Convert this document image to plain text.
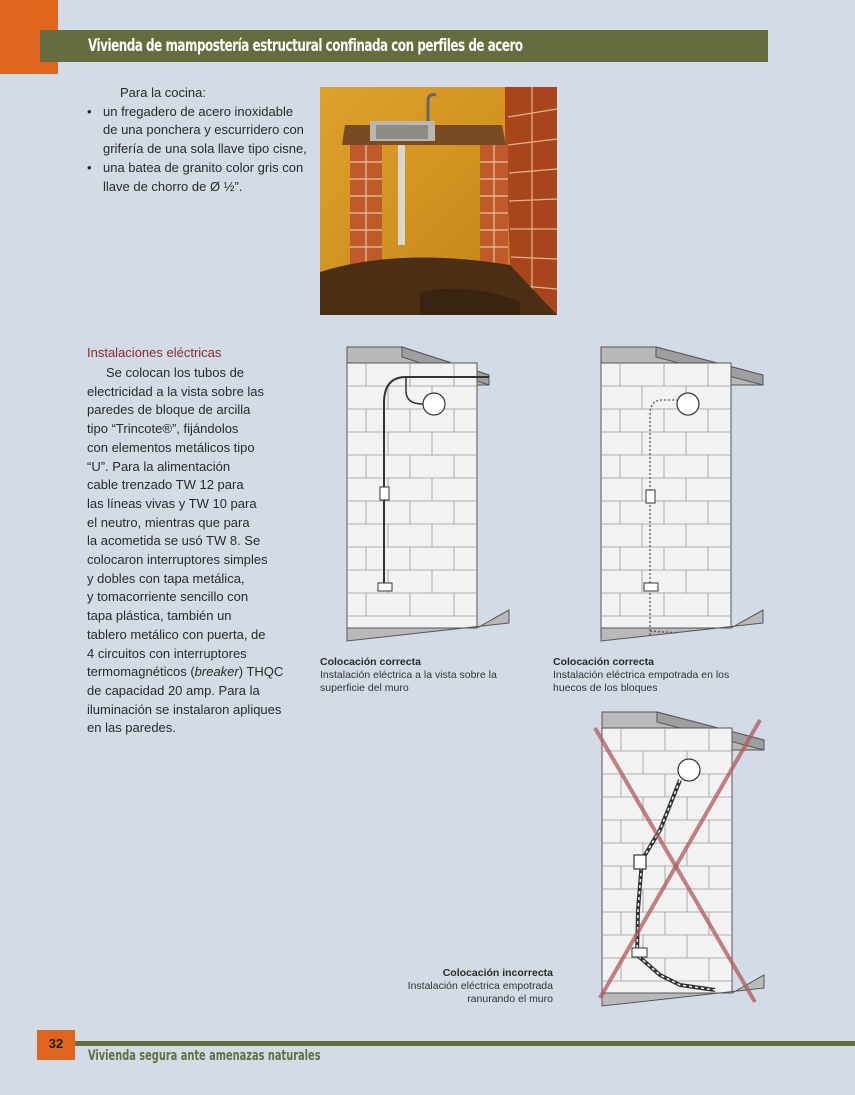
Vivienda de mampostería estructural confinada con perfiles de acero
Para la cocina:
• un fregadero de acero inoxidable de una ponchera y escurridero con grifería de una sola llave tipo cisne,
• una batea de granito color gris con llave de chorro de Ø ½”.
Instalaciones eléctricas
Se colocan los tubos de
electricidad a la vista sobre las
paredes de bloque de arcilla
tipo “Trincote®”, fijándolos
con elementos metálicos tipo
“U”. Para la alimentación
cable trenzado TW 12 para
las líneas vivas y TW 10 para
el neutro, mientras que para
la acometida se usó TW 8. Se
colocaron interruptores simples
y dobles con tapa metálica,
y tomacorriente sencillo con
tapa plástica, también un
tablero metálico con puerta, de
4 circuitos con interruptores
termomagnéticos (breaker) THQC
de capacidad 20 amp. Para la
iluminación se instalaron apliques
en las paredes.
Colocación correcta
Instalación eléctrica a la vista sobre la
superficie del muro
Colocación correcta
Instalación eléctrica empotrada en los
huecos de los bloques
Colocación incorrecta
Instalación eléctrica empotrada
ranurando el muro
32
Vivienda segura ante amenazas naturales
